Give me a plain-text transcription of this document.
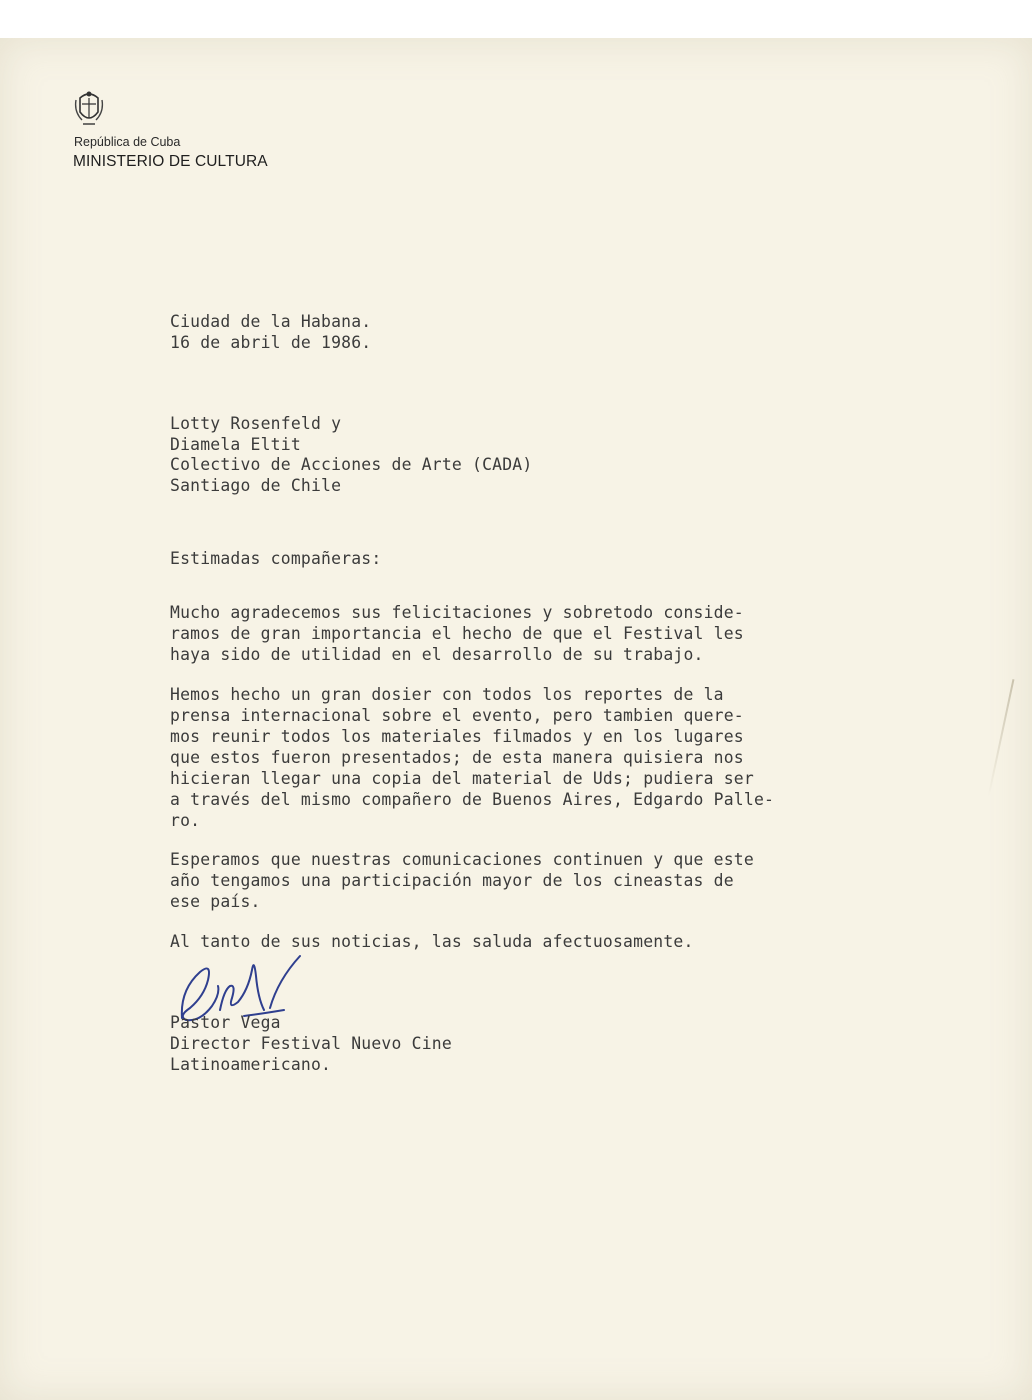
República de Cuba
MINISTERIO DE CULTURA
Ciudad de la Habana.
16 de abril de 1986.
Lotty Rosenfeld y
Diamela Eltit
Colectivo de Acciones de Arte (CADA)
Santiago de Chile
Estimadas compañeras:
Mucho agradecemos sus felicitaciones y sobretodo conside-
ramos de gran importancia el hecho de que el Festival les
haya sido de utilidad en el desarrollo de su trabajo.
Hemos hecho un gran dosier con todos los reportes de la
prensa internacional sobre el evento, pero tambien quere-
mos reunir todos los materiales filmados y en los lugares
que estos fueron presentados; de esta manera quisiera nos
hicieran llegar una copia del material de Uds; pudiera ser
a través del mismo compañero de Buenos Aires, Edgardo Palle-
ro.
Esperamos que nuestras comunicaciones continuen y que este
año tengamos una participación mayor de los cineastas de
ese país.
Al tanto de sus noticias, las saluda afectuosamente.
Pastor Vega
Director Festival Nuevo Cine
Latinoamericano.
